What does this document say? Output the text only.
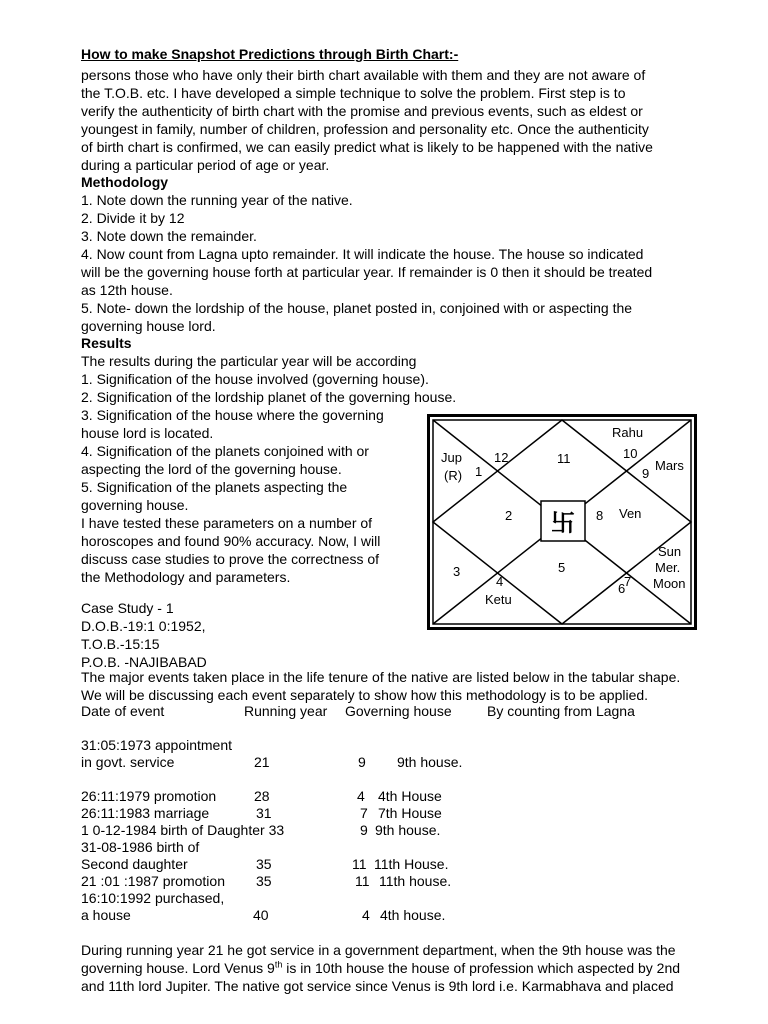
How to make Snapshot Predictions through Birth Chart:-
persons those who have only their birth chart available with them and they are not aware of
the T.O.B. etc. I have developed a simple technique to solve the problem. First step is to
verify the authenticity of birth chart with the promise and previous events, such as eldest or
youngest in family, number of children, profession and personality etc. Once the authenticity
of birth chart is confirmed, we can easily predict what is likely to be happened with the native
during a particular period of age or year.
Methodology
1. Note down the running year of the native.
2. Divide it by 12
3. Note down the remainder.
4. Now count from Lagna upto remainder. It will indicate the house. The house so indicated
will be the governing house forth at particular year. If remainder is 0 then it should be treated
as 12th house.
5. Note- down the lordship of the house, planet posted in, conjoined with or aspecting the
governing house lord.
Results
The results during the particular year will be according
1. Signification of the house involved (governing house).
2. Signification of the lordship planet of the governing house.
3. Signification of the house where the governing
house lord is located.
4. Signification of the planets conjoined with or
aspecting the lord of the governing house.
5. Signification of the planets aspecting the
governing house.
I have tested these parameters on a number of
horoscopes and found 90% accuracy. Now, I will
discuss case studies to prove the correctness of
the Methodology and parameters.
卐
1
12	11	10
9
8
7
6
5
4
3
2
Jup
(R)
Rahu
Mars
Ven
Sun
Mer.
Moon
Ketu
Case Study - 1
D.O.B.-19:1 0:1952,
T.O.B.-15:15
P.O.B. -NAJIBABAD
The major events taken place in the life tenure of the native are listed below in the tabular shape.
We will be discussing each event separately to show how this methodology is to be applied.
Date of event	Running year Governing house	By counting from Lagna
31:05:1973 appointment
in govt. service	21	9 9th house.
26:11:1979 promotion	28	4 4th House
26:11:1983 marriage	31	7 7th House
1 0-12-1984 birth of Daughter 33	9 9th house.
31-08-1986 birth of
Second daughter	35	11 11th House.
21 :01 :1987 promotion 35	11 11th house.
16:10:1992 purchased,
a house	40	4 4th house.
During running year 21 he got service in a government department, when the 9th house was the
governing house. Lord Venus 9th is in 10th house the house of profession which aspected by 2nd
and 11th lord Jupiter. The native got service since Venus is 9th lord i.e. Karmabhava and placed
